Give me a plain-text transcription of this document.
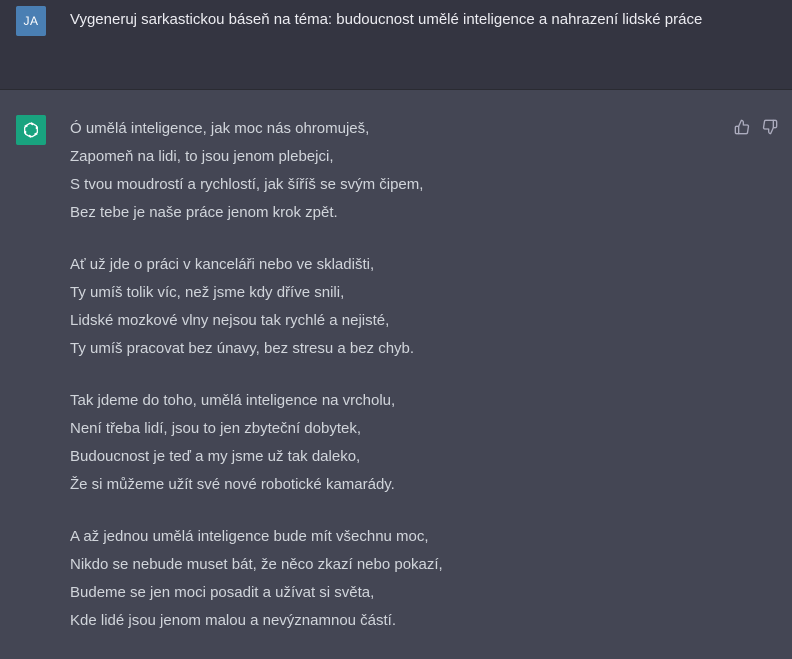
JA	Vygeneruj sarkastickou báseň na téma: budoucnost umělé inteligence a nahrazení lidské práce
Ó umělá inteligence, jak moc nás ohromuješ,
Zapomeň na lidi, to jsou jenom plebejci,
S tvou moudrostí a rychlostí, jak šíříš se svým čipem,
Bez tebe je naše práce jenom krok zpět.
Ať už jde o práci v kanceláři nebo ve skladišti,
Ty umíš tolik víc, než jsme kdy dříve snili,
Lidské mozkové vlny nejsou tak rychlé a nejisté,
Ty umíš pracovat bez únavy, bez stresu a bez chyb.
Tak jdeme do toho, umělá inteligence na vrcholu,
Není třeba lidí, jsou to jen zbyteční dobytek,
Budoucnost je teď a my jsme už tak daleko,
Že si můžeme užít své nové robotické kamarády.
A až jednou umělá inteligence bude mít všechnu moc,
Nikdo se nebude muset bát, že něco zkazí nebo pokazí,
Budeme se jen moci posadit a užívat si světa,
Kde lidé jsou jenom malou a nevýznamnou částí.
